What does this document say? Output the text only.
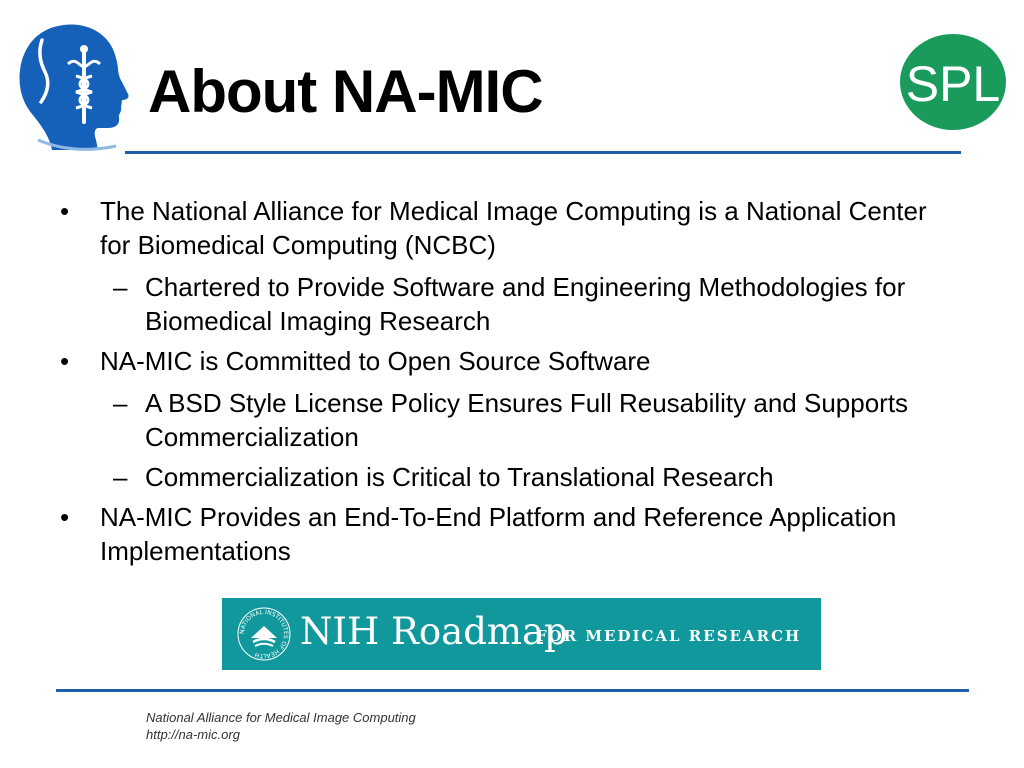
About NA-MIC	SPL
• The National Alliance for Medical Image Computing is a National Center for Biomedical Computing (NCBC)
– Chartered to Provide Software and Engineering Methodologies for Biomedical Imaging Research
• NA-MIC is Committed to Open Source Software
– A BSD Style License Policy Ensures Full Reusability and Supports Commercialization
– Commercialization is Critical to Translational Research
• NA-MIC Provides an End-To-End Platform and Reference Application Implementations
NATIONAL INSTITUTES OF HEALTH
NIH Roadmap
FOR MEDICAL RESEARCH
National Alliance for Medical Image Computing
http://na-mic.org
